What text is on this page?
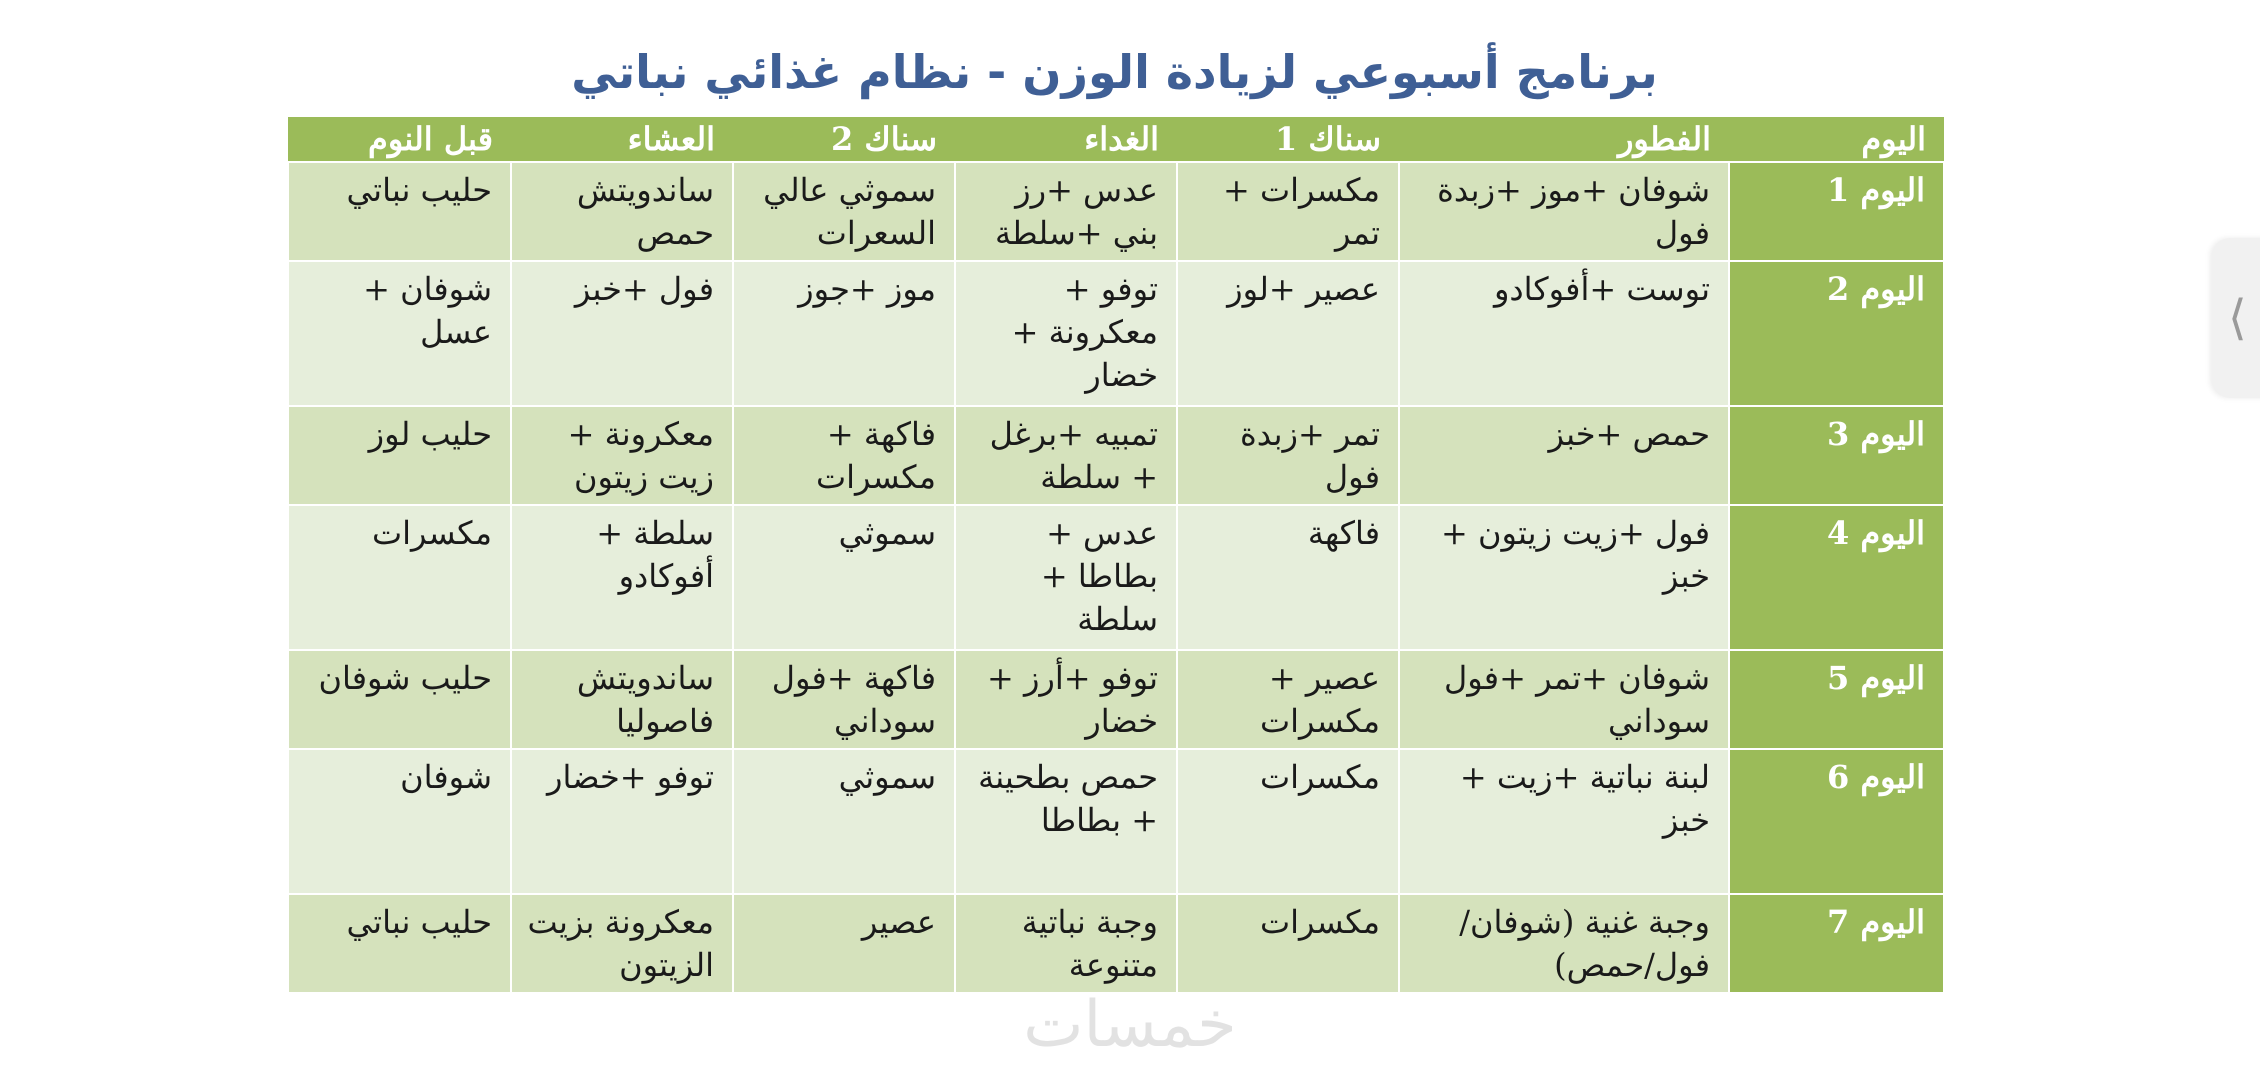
برنامج أسبوعي لزيادة الوزن - نظام غذائي نباتي
اليوم	الفطور	سناك 1	الغداء	سناك 2	العشاء	قبل النوم
اليوم 1	شوفان +موز +زبدة فول	مكسرات + تمر	عدس +رز بني +سلطة	سموثي عالي السعرات	ساندويتش حمص	حليب نباتي
اليوم 2	توست +أفوكادو	عصير +لوز	توفو + معكرونة + خضار	موز +جوز	فول +خبز	شوفان + عسل
اليوم 3	حمص +خبز	تمر +زبدة فول	تمبيه +برغل + سلطة	فاكهة + مكسرات	معكرونة + زيت زيتون	حليب لوز
اليوم 4	فول +زيت زيتون + خبز	فاكهة	عدس + بطاطا + سلطة	سموثي	سلطة + أفوكادو	مكسرات
اليوم 5	شوفان +تمر +فول سوداني	عصير + مكسرات	توفو +أرز + خضار	فاكهة +فول سوداني	ساندويتش فاصوليا	حليب شوفان
اليوم 6	لبنة نباتية +زيت + خبز	مكسرات	حمص بطحينة + بطاطا	سموثي	توفو +خضار	شوفان
اليوم 7	وجبة غنية (شوفان/فول/حمص)	مكسرات	وجبة نباتية متنوعة	عصير	معكرونة بزيت الزيتون	حليب نباتي
خمسات
⟨
